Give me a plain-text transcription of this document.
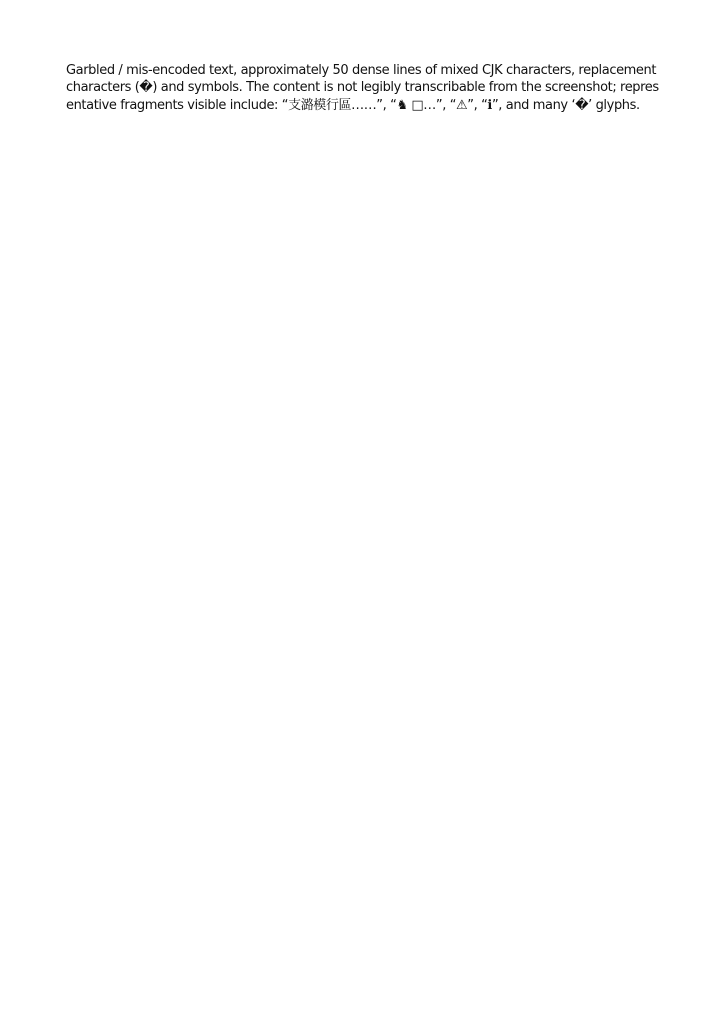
Garbled / mis-encoded text, approximately 50 dense lines of mixed CJK characters, replacement characters (�) and symbols. The content is not legibly transcribable from the screenshot; representative fragments visible include: “支潞模行區……”, “♞ □…”, “⚠”, “ℹ”, and many ‘�’ glyphs.
